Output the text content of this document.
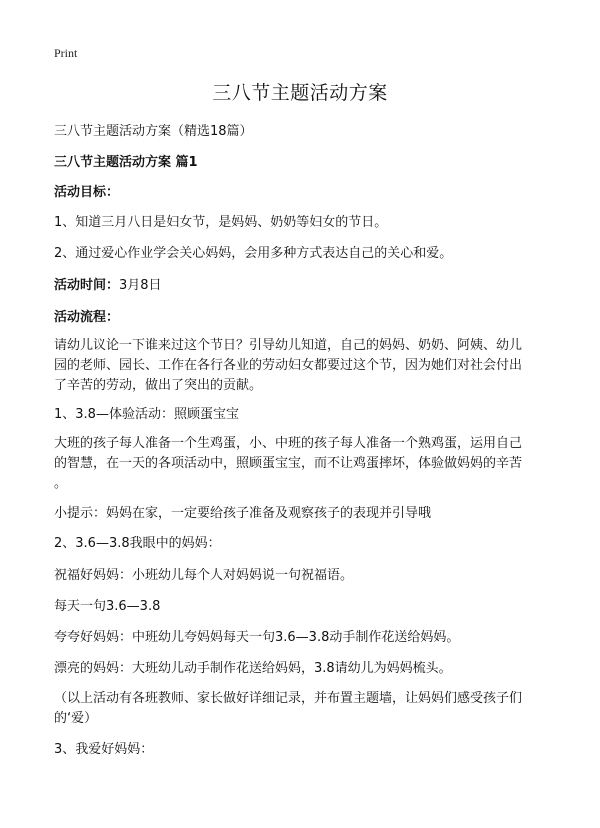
Print
三八节主题活动方案

三八节主题活动方案（精选18篇）

三八节主题活动方案 篇1

活动目标：

1、知道三月八日是妇女节，是妈妈、奶奶等妇女的节日。

2、通过爱心作业学会关心妈妈，会用多种方式表达自己的关心和爱。

活动时间：3月8日

活动流程：

请幼儿议论一下谁来过这个节日？引导幼儿知道，自己的妈妈、奶奶、阿姨、幼儿

园的老师、园长、工作在各行各业的劳动妇女都要过这个节，因为她们对社会付出

了辛苦的劳动，做出了突出的贡献。

1、3.8—体验活动：照顾蛋宝宝

大班的孩子每人准备一个生鸡蛋，小、中班的孩子每人准备一个熟鸡蛋，运用自己

的智慧，在一天的各项活动中，照顾蛋宝宝，而不让鸡蛋摔坏，体验做妈妈的辛苦

。

小提示：妈妈在家，一定要给孩子准备及观察孩子的表现并引导哦

2、3.6—3.8我眼中的妈妈：

祝福好妈妈：小班幼儿每个人对妈妈说一句祝福语。

每天一句3.6—3.8

夸夸好妈妈：中班幼儿夸妈妈每天一句3.6—3.8动手制作花送给妈妈。

漂亮的妈妈：大班幼儿动手制作花送给妈妈，3.8请幼儿为妈妈梳头。

（以上活动有各班教师、家长做好详细记录，并布置主题墙，让妈妈们感受孩子们

的‘爱）

3、我爱好妈妈：
